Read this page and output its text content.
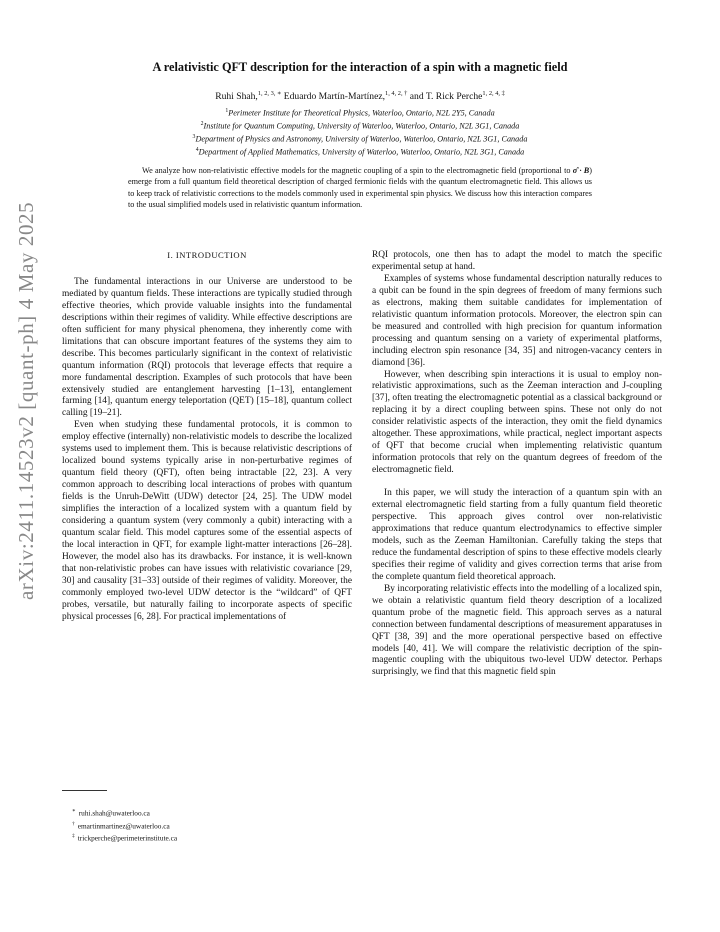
arXiv:2411.14523v2 [quant-ph] 4 May 2025
A relativistic QFT description for the interaction of a spin with a magnetic field
Ruhi Shah,$^{1, 2, 3, ∗}$ Eduardo Martín-Martínez,$^{1, 4, 2, \dagger}$ and T. Rick Perche$^{1, 2, 4, \ddagger}$
$^1$Perimeter Institute for Theoretical Physics, Waterloo, Ontario, N2L 2Y5, Canada
$^2$Institute for Quantum Computing, University of Waterloo, Waterloo, Ontario, N2L 3G1, Canada
$^3$Department of Physics and Astronomy, University of Waterloo, Waterloo, Ontario, N2L 3G1, Canada
$^4$Department of Applied Mathematics, University of Waterloo, Waterloo, Ontario, N2L 3G1, Canada
We analyze how non-relativistic effective models for the magnetic coupling of a spin to the electromagnetic field (proportional to σ̂ · B) emerge from a full quantum field theoretical description of charged fermionic fields with the quantum electromagnetic field. This allows us to keep track of relativistic corrections to the models commonly used in experimental spin physics. We discuss how this interaction compares to the usual simplified models used in relativistic quantum information.
I. INTRODUCTION

The fundamental interactions in our Universe are understood to be mediated by quantum fields. These interactions are typically studied through effective theories, which provide valuable insights into the fundamental descriptions within their regimes of validity. While effective descriptions are often sufficient for many physical phenomena, they inherently come with limitations that can obscure important features of the systems they aim to describe. This becomes particularly significant in the context of relativistic quantum information (RQI) protocols that leverage effects that require a more fundamental description. Examples of such protocols that have been extensively studied are entanglement harvesting [1–13], entanglement farming [14], quantum energy teleportation (QET) [15–18], quantum collect calling [19–21].

Even when studying these fundamental protocols, it is common to employ effective (internally) non-relativistic models to describe the localized systems used to implement them. This is because relativistic descriptions of localized bound systems typically arise in non-perturbative regimes of quantum field theory (QFT), often being intractable [22, 23]. A very common approach to describing local interactions of probes with quantum fields is the Unruh-DeWitt (UDW) detector [24, 25]. The UDW model simplifies the interaction of a localized system with a quantum field by considering a quantum system (very commonly a qubit) interacting with a quantum scalar field. This model captures some of the essential aspects of the local interaction in QFT, for example light-matter interactions [26–28]. However, the model also has its drawbacks. For instance, it is well-known that non-relativistic probes can have issues with relativistic covariance [29, 30] and causality [31–33] outside of their regimes of validity. Moreover, the commonly employed two-level UDW detector is the “wildcard” of QFT probes, versatile, but naturally failing to incorporate aspects of specific physical processes [6, 28]. For practical implementations of

RQI protocols, one then has to adapt the model to match the specific experimental setup at hand.

Examples of systems whose fundamental description naturally reduces to a qubit can be found in the spin degrees of freedom of many fermions such as electrons, making them suitable candidates for implementation of relativistic quantum information protocols. Moreover, the electron spin can be measured and controlled with high precision for quantum information processing and quantum sensing on a variety of experimental platforms, including electron spin resonance [34, 35] and nitrogen-vacancy centers in diamond [36].

However, when describing spin interactions it is usual to employ non-relativistic approximations, such as the Zeeman interaction and J-coupling [37], often treating the electromagnetic potential as a classical background or replacing it by a direct coupling between spins. These not only do not consider relativistic aspects of the interaction, they omit the field dynamics altogether. These approximations, while practical, neglect important aspects of QFT that become crucial when implementing relativistic quantum information protocols that rely on the quantum degrees of freedom of the electromagnetic field.

In this paper, we will study the interaction of a quantum spin with an external electromagnetic field starting from a fully quantum field theoretic perspective. This approach gives control over non-relativistic approximations that reduce quantum electrodynamics to effective simpler models, such as the Zeeman Hamiltonian. Carefully taking the steps that reduce the fundamental description of spins to these effective models clearly specifies their regime of validity and gives correction terms that arise from the complete quantum field theoretical approach.

By incorporating relativistic effects into the modelling of a localized spin, we obtain a relativistic quantum field theory description of a localized quantum probe of the magnetic field. This approach serves as a natural connection between fundamental descriptions of measurement apparatuses in QFT [38, 39] and the more operational perspective based on effective models [40, 41]. We will compare the relativistic decription of the spin-magentic coupling with the ubiquitous two-level UDW detector. Perhaps surprisingly, we find that this magnetic field spin

∗ ruhi.shah@uwaterloo.ca
† emartinmartinez@uwaterloo.ca
‡ trickperche@perimeterinstitute.ca
